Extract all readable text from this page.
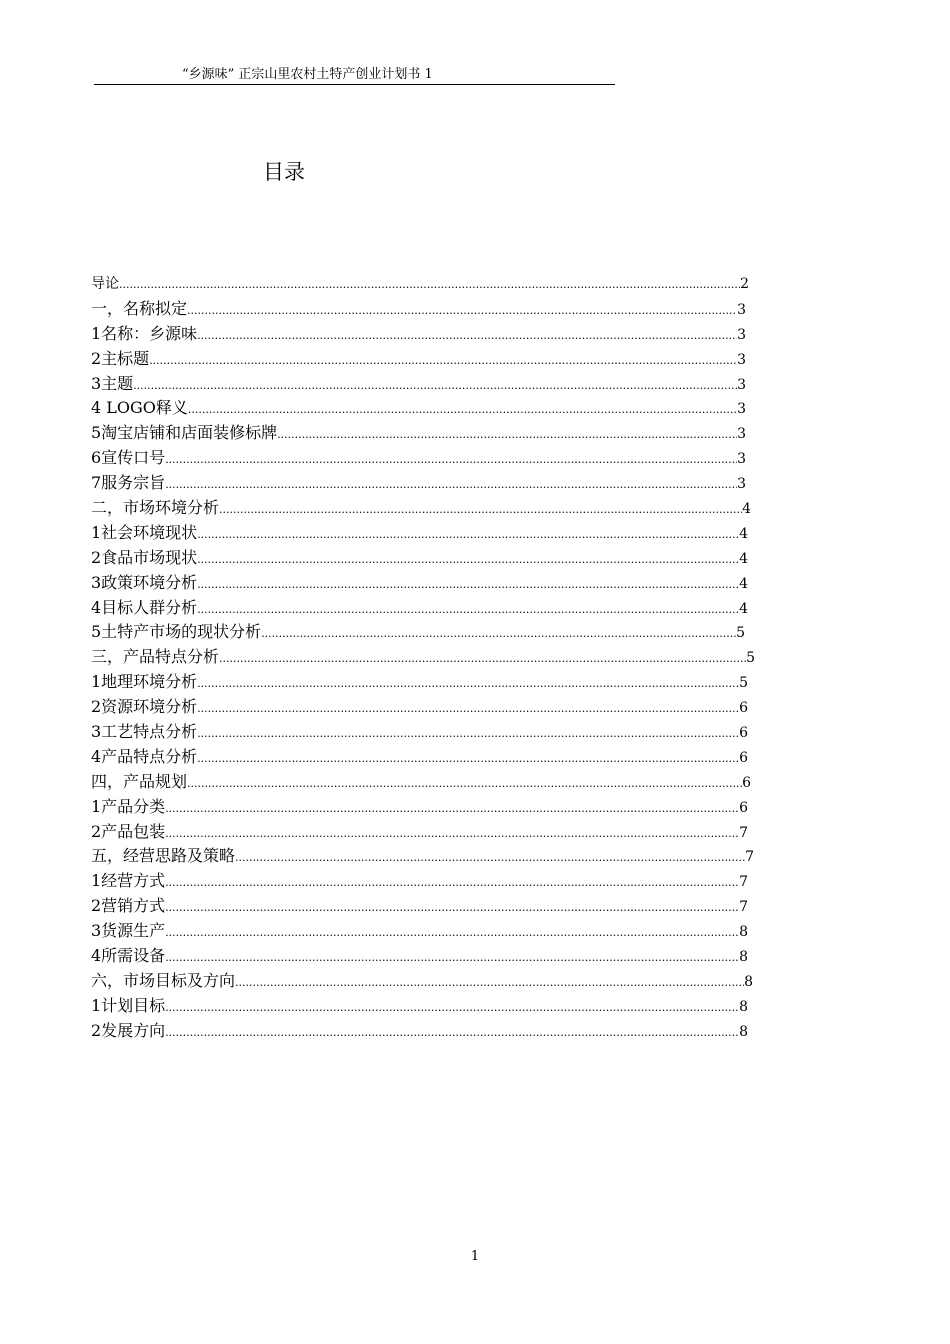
“乡源味” 正宗山里农村土特产创业计划书 1
目录
导论 .....	2
一，名称拟定 .....	3
1名称：乡源味 .....	3
2主标题 .....	3
3主题 .....	3
4 LOGO释义 .....	3
5淘宝店铺和店面装修标牌 .....	3
6宣传口号 .....	3
7服务宗旨 .....	3
二，市场环境分析 .....	4
1社会环境现状 .....	4
2食品市场现状 .....	4
3政策环境分析 .....	4
4目标人群分析 .....	4
5土特产市场的现状分析 .....	5
三，产品特点分析 .....	5
1地理环境分析 .....	5
2资源环境分析 .....	6
3工艺特点分析 .....	6
4产品特点分析 .....	6
四，产品规划 .....	6
1产品分类 .....	6
2产品包装 .....	7
五，经营思路及策略 .....	7
1经营方式 .....	7
2营销方式 .....	7
3货源生产 .....	8
4所需设备 .....	8
六，市场目标及方向 .....	8
1计划目标 .....	8
2发展方向 .....	8
1
